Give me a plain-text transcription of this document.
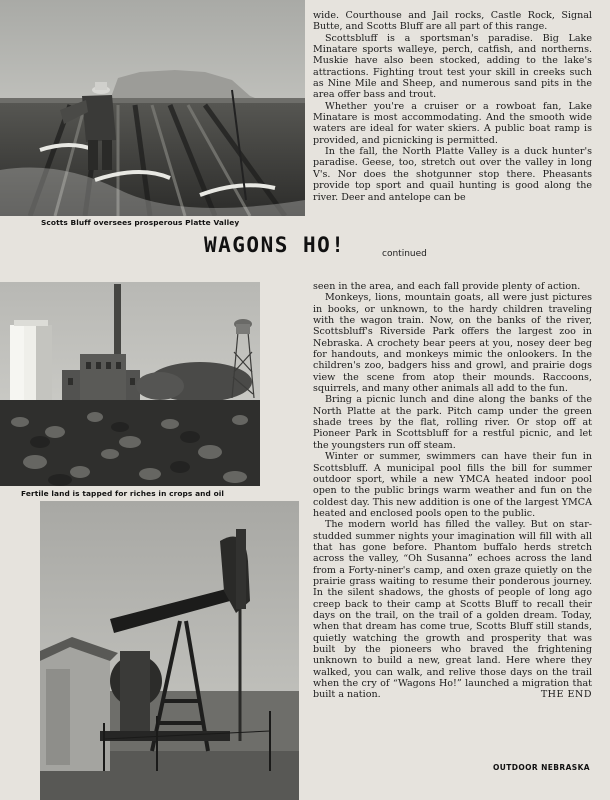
Scotts Bluff oversees prosperous Platte Valley

wide. Courthouse and Jail rocks, Castle Rock, Signal Butte, and Scotts Bluff are all part of this range.

Scottsbluff is a sportsman's paradise. Big Lake Minatare sports walleye, perch, catfish, and northerns. Muskie have also been stocked, adding to the lake's attractions. Fighting trout test your skill in creeks such as Nine Mile and Sheep, and numerous sand pits in the area offer bass and trout.

Whether you're a cruiser or a rowboat fan, Lake Minatare is most accommodating. And the smooth wide waters are ideal for water skiers. A public boat ramp is provided, and picnicking is permitted.

In the fall, the North Platte Valley is a duck hunter's paradise. Geese, too, stretch out over the valley in long V's. Nor does the shotgunner stop there. Pheasants provide top sport and quail hunting is good along the river. Deer and antelope can be

WAGONS HO!	continued
Fertile land is tapped for riches in crops and oil

seen in the area, and each fall provide plenty of action.

Monkeys, lions, mountain goats, all were just pictures in books, or unknown, to the hardy children traveling with the wagon train. Now, on the banks of the river, Scottsbluff's Riverside Park offers the largest zoo in Nebraska. A crochety bear peers at you, nosey deer beg for handouts, and monkeys mimic the onlookers. In the children's zoo, badgers hiss and growl, and prairie dogs view the scene from atop their mounds. Raccoons, squirrels, and many other animals all add to the fun.

Bring a picnic lunch and dine along the banks of the North Platte at the park. Pitch camp under the green shade trees by the flat, rolling river. Or stop off at Pioneer Park in Scottsbluff for a restful picnic, and let the youngsters run off steam.

Winter or summer, swimmers can have their fun in Scottsbluff. A municipal pool fills the bill for summer outdoor sport, while a new YMCA heated indoor pool open to the public brings warm weather and fun on the coldest day. This new addition is one of the largest YMCA heated and enclosed pools open to the public.

The modern world has filled the valley. But on star-studded summer nights your imagination will fill with all that has gone before. Phantom buffalo herds stretch across the valley, “Oh Susanna” echoes across the land from a Forty-niner's camp, and oxen graze quietly on the prairie grass waiting to resume their ponderous journey. In the silent shadows, the ghosts of people of long ago creep back to their camp at Scotts Bluff to recall their days on the trail, on the trail of a golden dream. Today, when that dream has come true, Scotts Bluff still stands, quietly watching the growth and prosperity that was built by the pioneers who braved the frightening unknown to build a new, great land. Here where they walked, you can walk, and relive those days on the trail when the cry of “Wagons Ho!” launched a migration that built a nation.	THE END

OUTDOOR NEBRASKA
